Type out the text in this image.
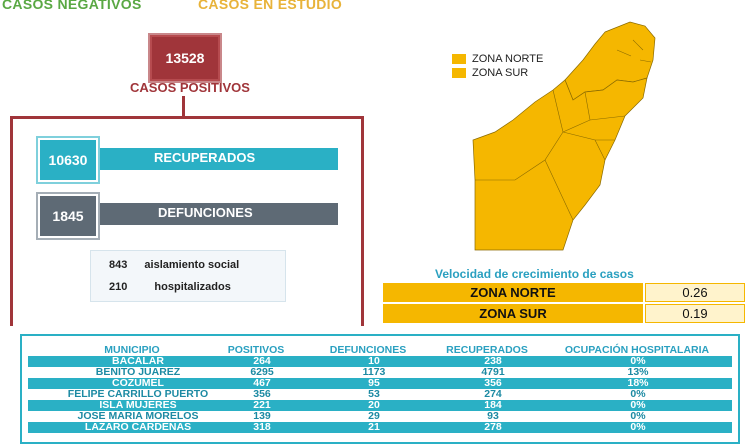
CASOS NEGATIVOS	CASOS EN ESTUDIO
13528
CASOS POSITIVOS
RECUPERADOS
10630
DEFUNCIONES
1845
843 aislamiento social
210 hospitalizados
ZONA NORTE
ZONA SUR
Velocidad de crecimiento de casos
ZONA NORTE	0.26
ZONA SUR	0.19
MUNICIPIO	POSITIVOS	DEFUNCIONES	RECUPERADOS	OCUPACIÓN HOSPITALARIA
BACALAR	264	10	238	0%
BENITO JUAREZ	6295	1173	4791	13%
COZUMEL	467	95	356	18%
FELIPE CARRILLO PUERTO	356	53	274	0%
ISLA MUJERES	221	20	184	0%
JOSE MARIA MORELOS	139	29	93	0%
LAZARO CARDENAS	318	21	278	0%
